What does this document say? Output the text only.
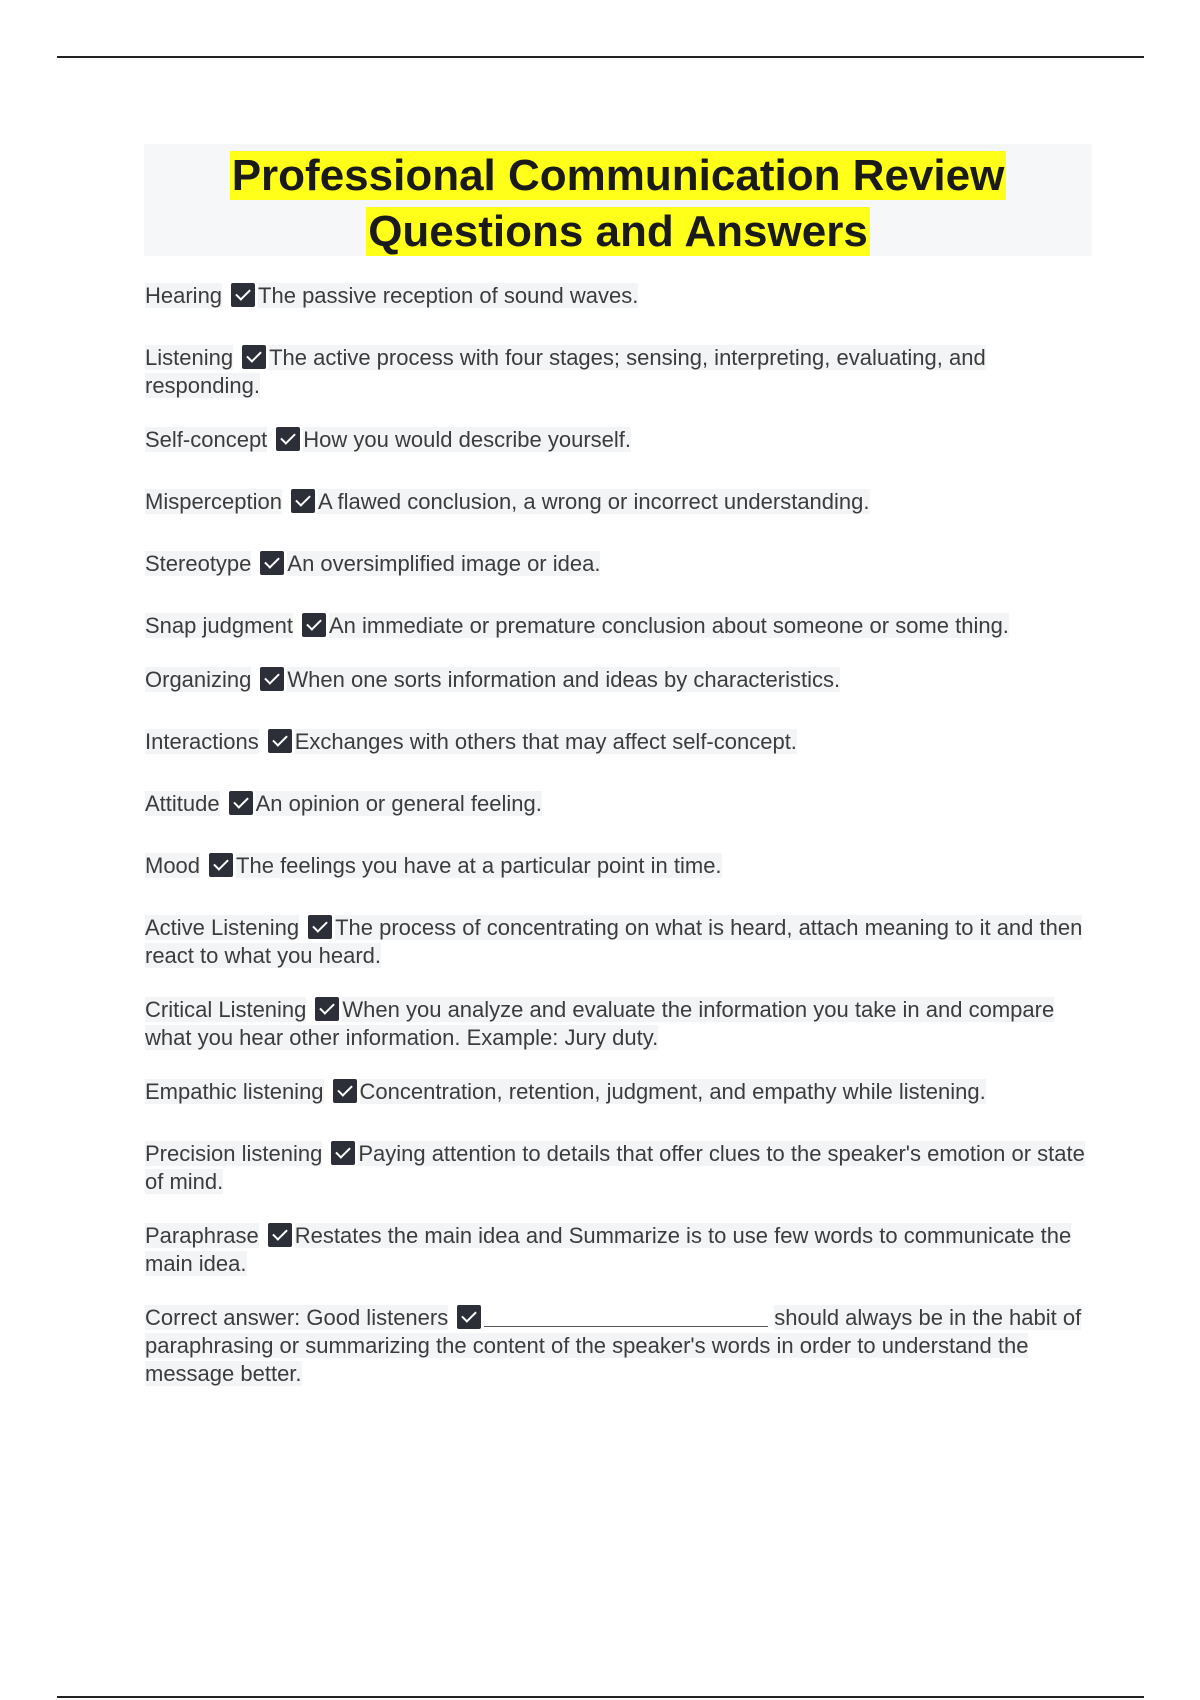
Professional Communication Review
Questions and Answers

Hearing The passive reception of sound waves.

Listening The active process with four stages; sensing, interpreting, evaluating, and responding.

Self-concept How you would describe yourself.

Misperception A flawed conclusion, a wrong or incorrect understanding.

Stereotype An oversimplified image or idea.

Snap judgment An immediate or premature conclusion about someone or some thing.

Organizing When one sorts information and ideas by characteristics.

Interactions Exchanges with others that may affect self-concept.

Attitude An opinion or general feeling.

Mood The feelings you have at a particular point in time.

Active Listening The process of concentrating on what is heard, attach meaning to it and then react to what you heard.

Critical Listening When you analyze and evaluate the information you take in and compare what you hear other information. Example: Jury duty.

Empathic listening Concentration, retention, judgment, and empathy while listening.

Precision listening Paying attention to details that offer clues to the speaker's emotion or state of mind.

Paraphrase Restates the main idea and Summarize is to use few words to communicate the main idea.

Correct answer: Good listeners	should always be in the habit of paraphrasing or summarizing the content of the speaker's words in order to understand the message better.
